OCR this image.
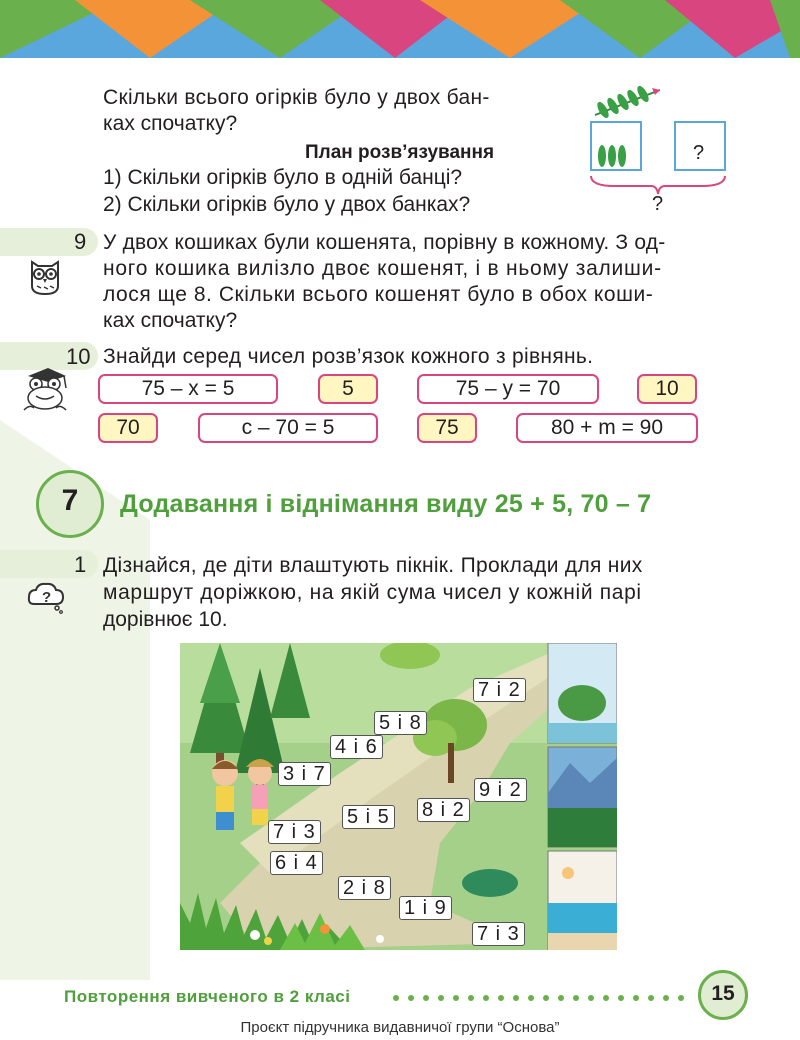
Скільки всього огірків було у двох бан-
ках спочатку?
План розв’язування
1) Скільки огірків було в одній банці?
2) Скільки огірків було у двох банках?
?
?
9 У двох кошиках були кошенята, порівну в кожному. З од-
ного кошика вилізло двоє кошенят, і в ньому залиши-
лося ще 8. Скільки всього кошенят було в обох коши-
ках спочатку?
10 Знайди серед чисел розв’язок кожного з рівнянь.
75 – x = 5	5	75 – y = 70	10
70	c – 70 = 5	75	80 + m = 90
7	Додавання і віднімання виду 25 + 5, 70 – 7
1
?
Дізнайся, де діти влаштують пікнік. Проклади для них
маршрут доріжкою, на якій сума чисел у кожній парі
дорівнює 10.
7 і 2
5 і 8
4 і 6
3 і 7
9 і 2
8 і 2
5 і 5
7 і 3
6 і 4
2 і 8
1 і 9
7 і 3
Повторення вивченого в 2 класі	15
Проєкт підручника видавничої групи “Основа”
